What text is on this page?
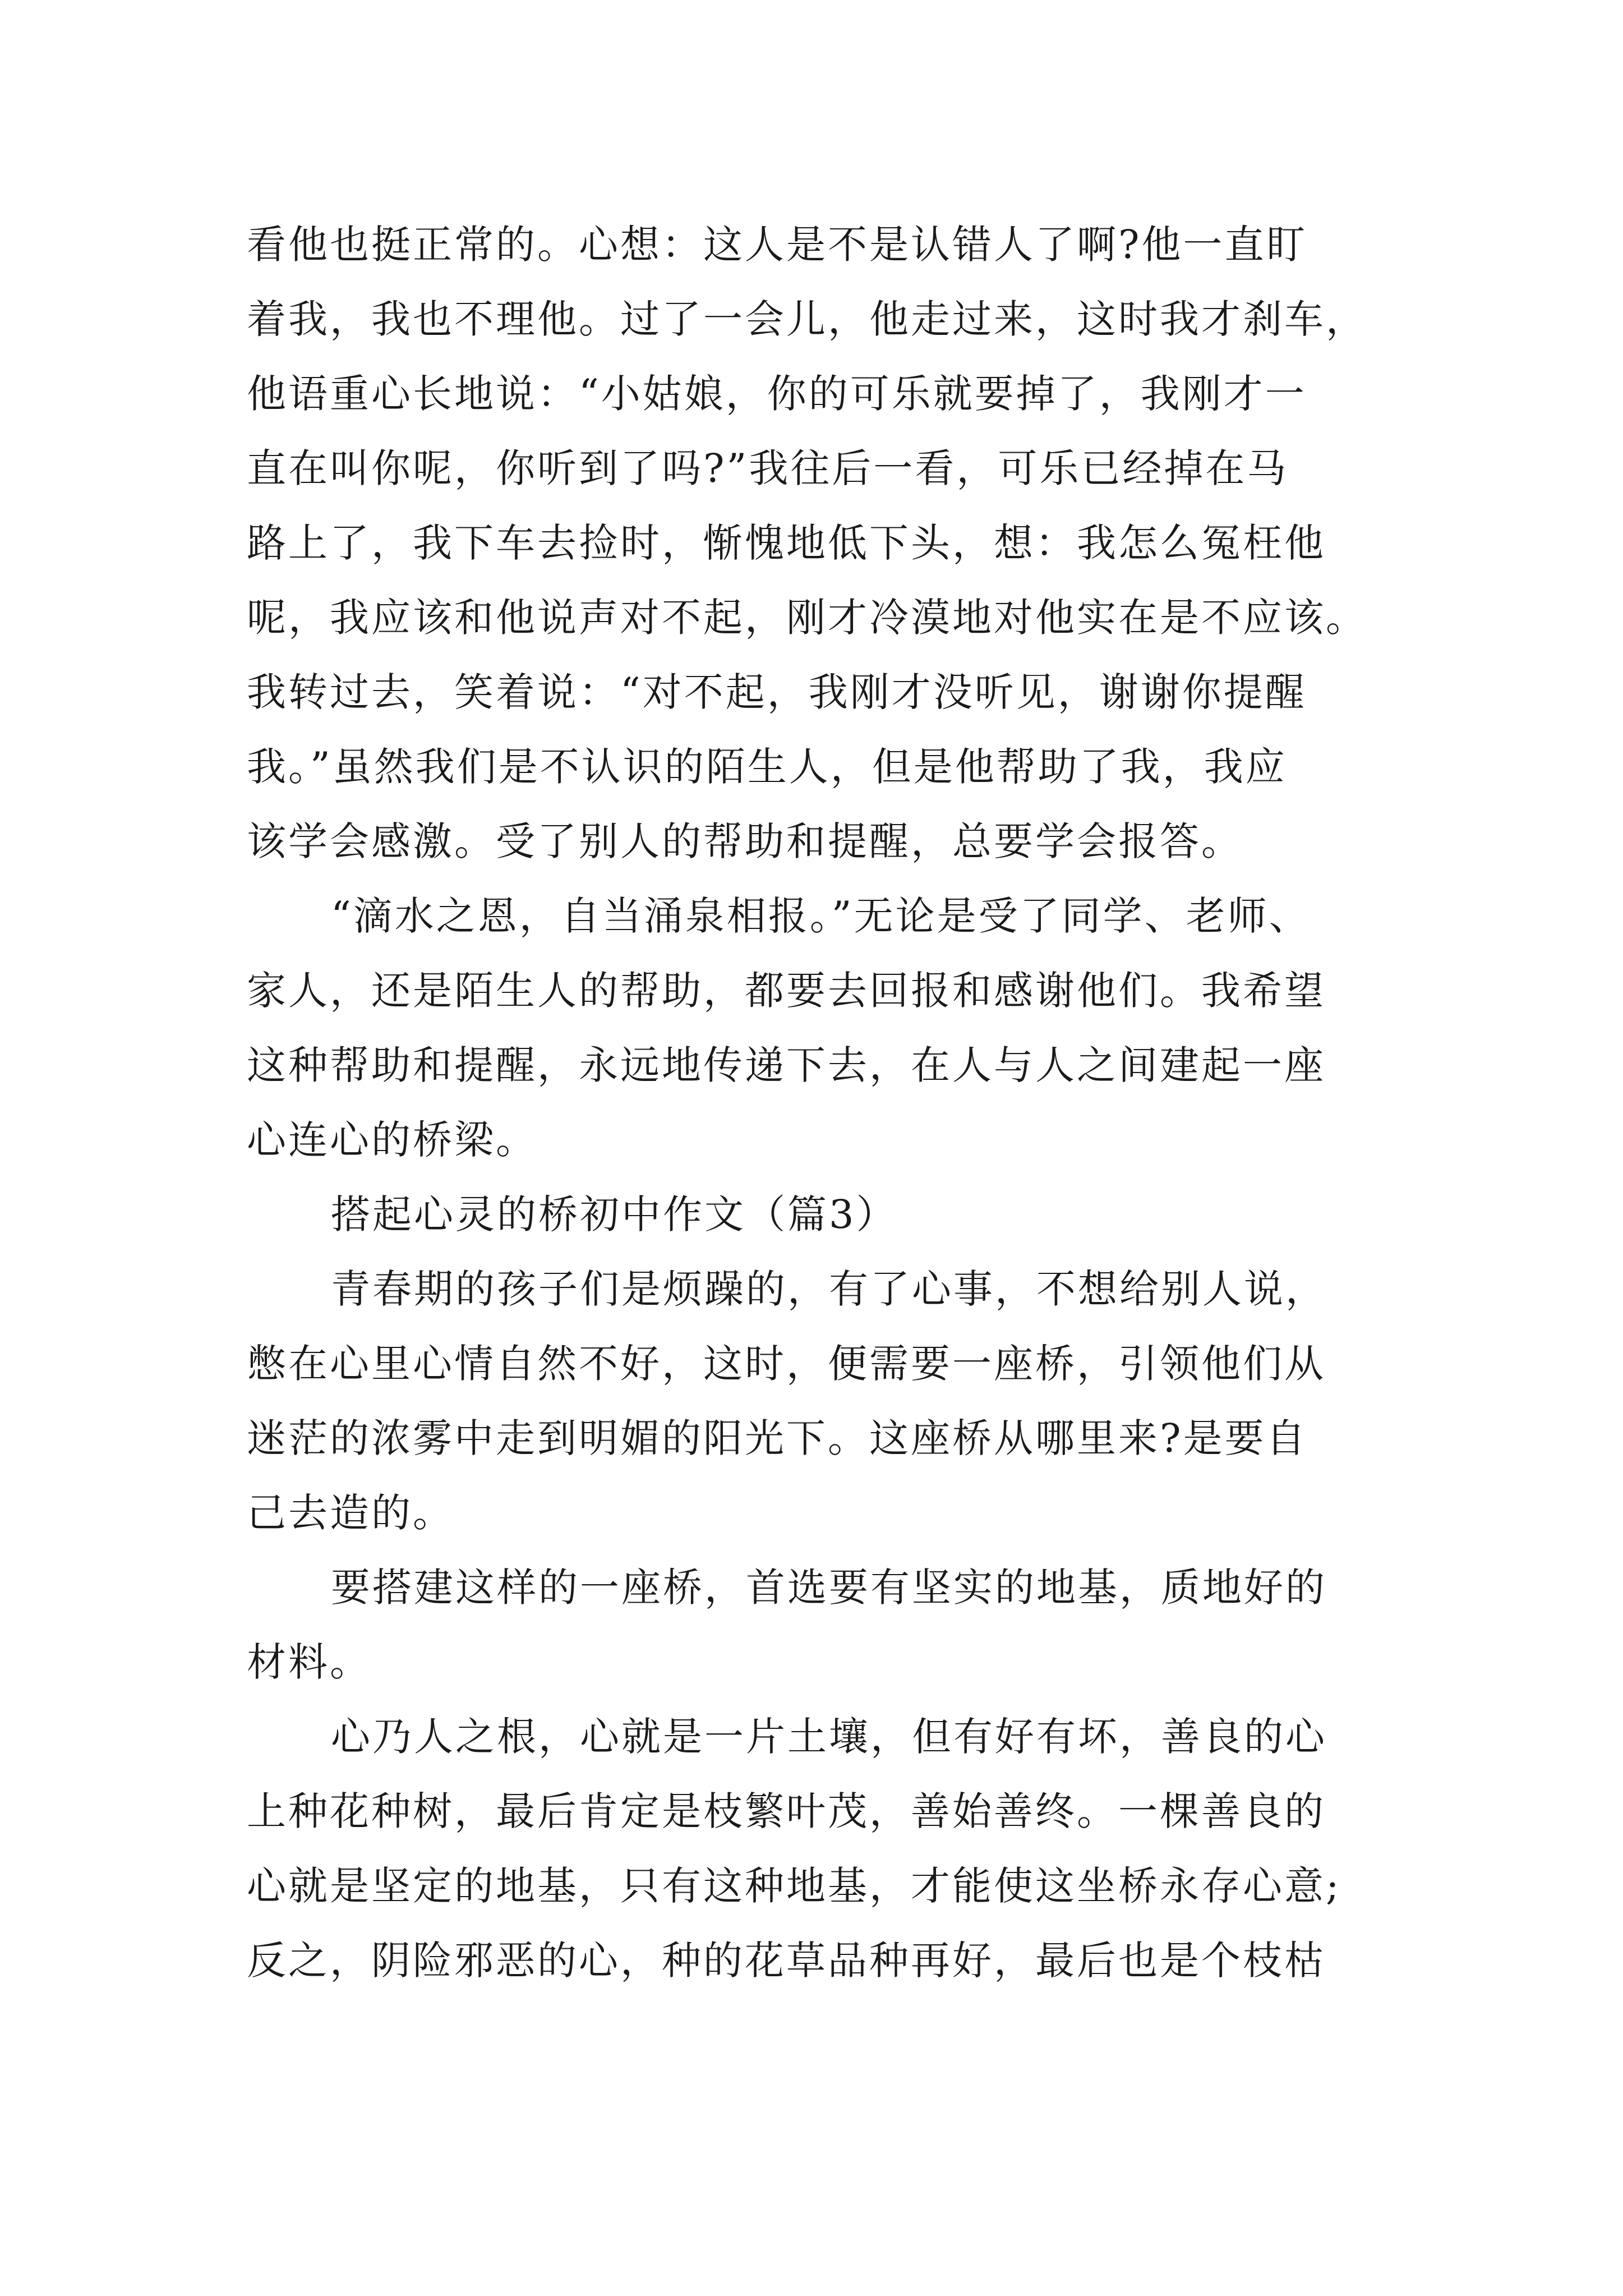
看他也挺正常的。心想：这人是不是认错人了啊?他一直盯
着我，我也不理他。过了一会儿，他走过来，这时我才刹车，
他语重心长地说：“小姑娘，你的可乐就要掉了，我刚才一
直在叫你呢，你听到了吗?”我往后一看，可乐已经掉在马
路上了，我下车去捡时，惭愧地低下头，想：我怎么冤枉他
呢，我应该和他说声对不起，刚才冷漠地对他实在是不应该。
我转过去，笑着说：“对不起，我刚才没听见，谢谢你提醒
我。”虽然我们是不认识的陌生人，但是他帮助了我，我应
该学会感激。受了别人的帮助和提醒，总要学会报答。
“滴水之恩，自当涌泉相报。”无论是受了同学、老师、
家人，还是陌生人的帮助，都要去回报和感谢他们。我希望
这种帮助和提醒，永远地传递下去，在人与人之间建起一座
心连心的桥梁。
搭起心灵的桥初中作文（篇3）
青春期的孩子们是烦躁的，有了心事，不想给别人说，
憋在心里心情自然不好，这时，便需要一座桥，引领他们从
迷茫的浓雾中走到明媚的阳光下。这座桥从哪里来?是要自
己去造的。
要搭建这样的一座桥，首选要有坚实的地基，质地好的
材料。
心乃人之根，心就是一片土壤，但有好有坏，善良的心
上种花种树，最后肯定是枝繁叶茂，善始善终。一棵善良的
心就是坚定的地基，只有这种地基，才能使这坐桥永存心意;
反之，阴险邪恶的心，种的花草品种再好，最后也是个枝枯
